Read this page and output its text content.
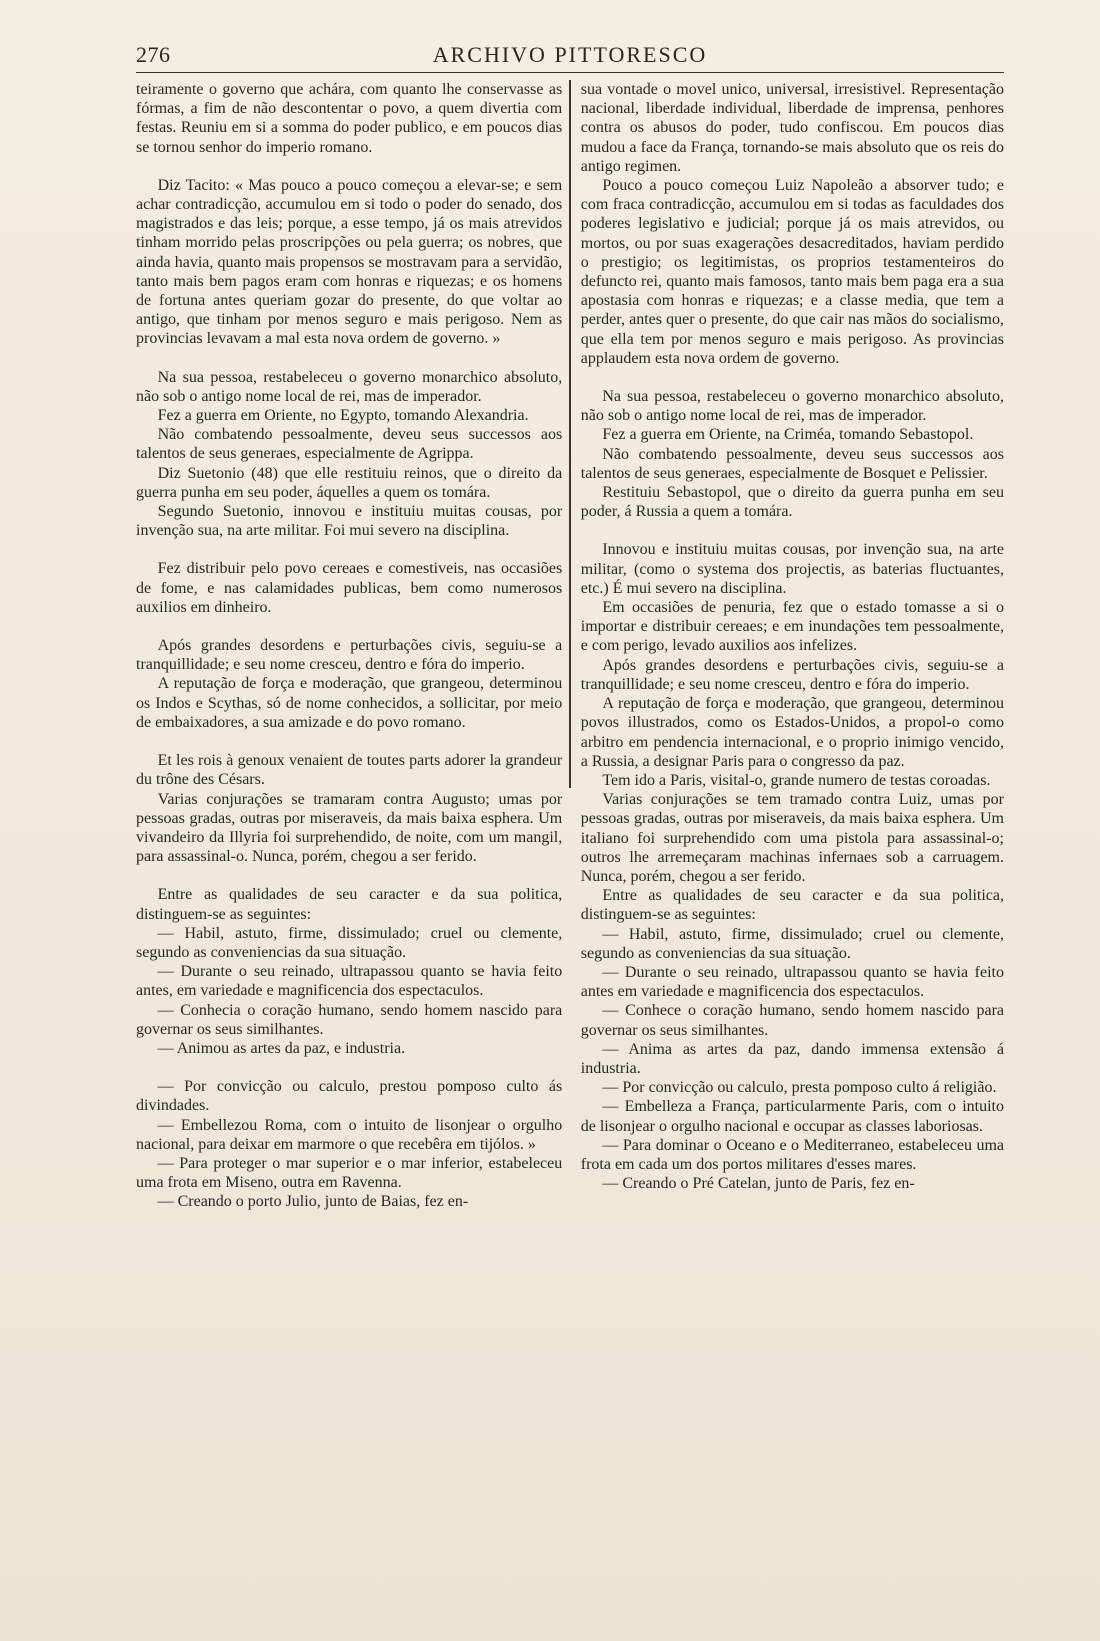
276	ARCHIVO PITTORESCO

teiramente o governo que achára, com quanto lhe conservasse as fórmas, a fim de não descontentar o povo, a quem divertia com festas. Reuniu em si a somma do poder publico, e em poucos dias se tornou senhor do imperio romano.

Diz Tacito: « Mas pouco a pouco começou a elevar-se; e sem achar contradicção, accumulou em si todo o poder do senado, dos magistrados e das leis; porque, a esse tempo, já os mais atrevidos tinham morrido pelas proscripções ou pela guerra; os nobres, que ainda havia, quanto mais propensos se mostravam para a servidão, tanto mais bem pagos eram com honras e riquezas; e os homens de fortuna antes queriam gozar do presente, do que voltar ao antigo, que tinham por menos seguro e mais perigoso. Nem as provincias levavam a mal esta nova ordem de governo. »

Na sua pessoa, restabeleceu o governo monarchico absoluto, não sob o antigo nome local de rei, mas de imperador.

Fez a guerra em Oriente, no Egypto, tomando Alexandria.

Não combatendo pessoalmente, deveu seus successos aos talentos de seus generaes, especialmente de Agrippa.

Diz Suetonio (48) que elle restituiu reinos, que o direito da guerra punha em seu poder, áquelles a quem os tomára.

Segundo Suetonio, innovou e instituiu muitas cousas, por invenção sua, na arte militar. Foi mui severo na disciplina.

Fez distribuir pelo povo cereaes e comestiveis, nas occasiões de fome, e nas calamidades publicas, bem como numerosos auxilios em dinheiro.

Após grandes desordens e perturbações civis, seguiu-se a tranquillidade; e seu nome cresceu, dentro e fóra do imperio.

A reputação de força e moderação, que grangeou, determinou os Indos e Scythas, só de nome conhecidos, a sollicitar, por meio de embaixadores, a sua amizade e do povo romano.

Et les rois à genoux venaient de toutes parts adorer la grandeur du trône des Césars.

Varias conjurações se tramaram contra Augusto; umas por pessoas gradas, outras por miseraveis, da mais baixa esphera. Um vivandeiro da Illyria foi surprehendido, de noite, com um mangil, para assassinal-o. Nunca, porém, chegou a ser ferido.

Entre as qualidades de seu caracter e da sua politica, distinguem-se as seguintes:

— Habil, astuto, firme, dissimulado; cruel ou clemente, segundo as conveniencias da sua situação.

— Durante o seu reinado, ultrapassou quanto se havia feito antes, em variedade e magnificencia dos espectaculos.

— Conhecia o coração humano, sendo homem nascido para governar os seus similhantes.

— Animou as artes da paz, e industria.

— Por convicção ou calculo, prestou pomposo culto ás divindades.

— Embellezou Roma, com o intuito de lisonjear o orgulho nacional, para deixar em marmore o que recebêra em tijólos. »

— Para proteger o mar superior e o mar inferior, estabeleceu uma frota em Miseno, outra em Ravenna.

— Creando o porto Julio, junto de Baias, fez en-

sua vontade o movel unico, universal, irresistivel. Representação nacional, liberdade individual, liberdade de imprensa, penhores contra os abusos do poder, tudo confiscou. Em poucos dias mudou a face da França, tornando-se mais absoluto que os reis do antigo regimen.

Pouco a pouco começou Luiz Napoleão a absorver tudo; e com fraca contradicção, accumulou em si todas as faculdades dos poderes legislativo e judicial; porque já os mais atrevidos, ou mortos, ou por suas exagerações desacreditados, haviam perdido o prestigio; os legitimistas, os proprios testamenteiros do defuncto rei, quanto mais famosos, tanto mais bem paga era a sua apostasia com honras e riquezas; e a classe media, que tem a perder, antes quer o presente, do que cair nas mãos do socialismo, que ella tem por menos seguro e mais perigoso. As provincias applaudem esta nova ordem de governo.

Na sua pessoa, restabeleceu o governo monarchico absoluto, não sob o antigo nome local de rei, mas de imperador.

Fez a guerra em Oriente, na Criméa, tomando Sebastopol.

Não combatendo pessoalmente, deveu seus successos aos talentos de seus generaes, especialmente de Bosquet e Pelissier.

Restituiu Sebastopol, que o direito da guerra punha em seu poder, á Russia a quem a tomára.

Innovou e instituiu muitas cousas, por invenção sua, na arte militar, (como o systema dos projectis, as baterias fluctuantes, etc.) É mui severo na disciplina.

Em occasiões de penuria, fez que o estado tomasse a si o importar e distribuir cereaes; e em inundações tem pessoalmente, e com perigo, levado auxilios aos infelizes.

Após grandes desordens e perturbações civis, seguiu-se a tranquillidade; e seu nome cresceu, dentro e fóra do imperio.

A reputação de força e moderação, que grangeou, determinou povos illustrados, como os Estados-Unidos, a propol-o como arbitro em pendencia internacional, e o proprio inimigo vencido, a Russia, a designar Paris para o congresso da paz.

Tem ido a Paris, visital-o, grande numero de testas coroadas.

Varias conjurações se tem tramado contra Luiz, umas por pessoas gradas, outras por miseraveis, da mais baixa esphera. Um italiano foi surprehendido com uma pistola para assassinal-o; outros lhe arremeçaram machinas infernaes sob a carruagem. Nunca, porém, chegou a ser ferido.

Entre as qualidades de seu caracter e da sua politica, distinguem-se as seguintes:

— Habil, astuto, firme, dissimulado; cruel ou clemente, segundo as conveniencias da sua situação.

— Durante o seu reinado, ultrapassou quanto se havia feito antes em variedade e magnificencia dos espectaculos.

— Conhece o coração humano, sendo homem nascido para governar os seus similhantes.

— Anima as artes da paz, dando immensa extensão á industria.

— Por convicção ou calculo, presta pomposo culto á religião.

— Embelleza a França, particularmente Paris, com o intuito de lisonjear o orgulho nacional e occupar as classes laboriosas.

— Para dominar o Oceano e o Mediterraneo, estabeleceu uma frota em cada um dos portos militares d'esses mares.

— Creando o Pré Catelan, junto de Paris, fez en-
